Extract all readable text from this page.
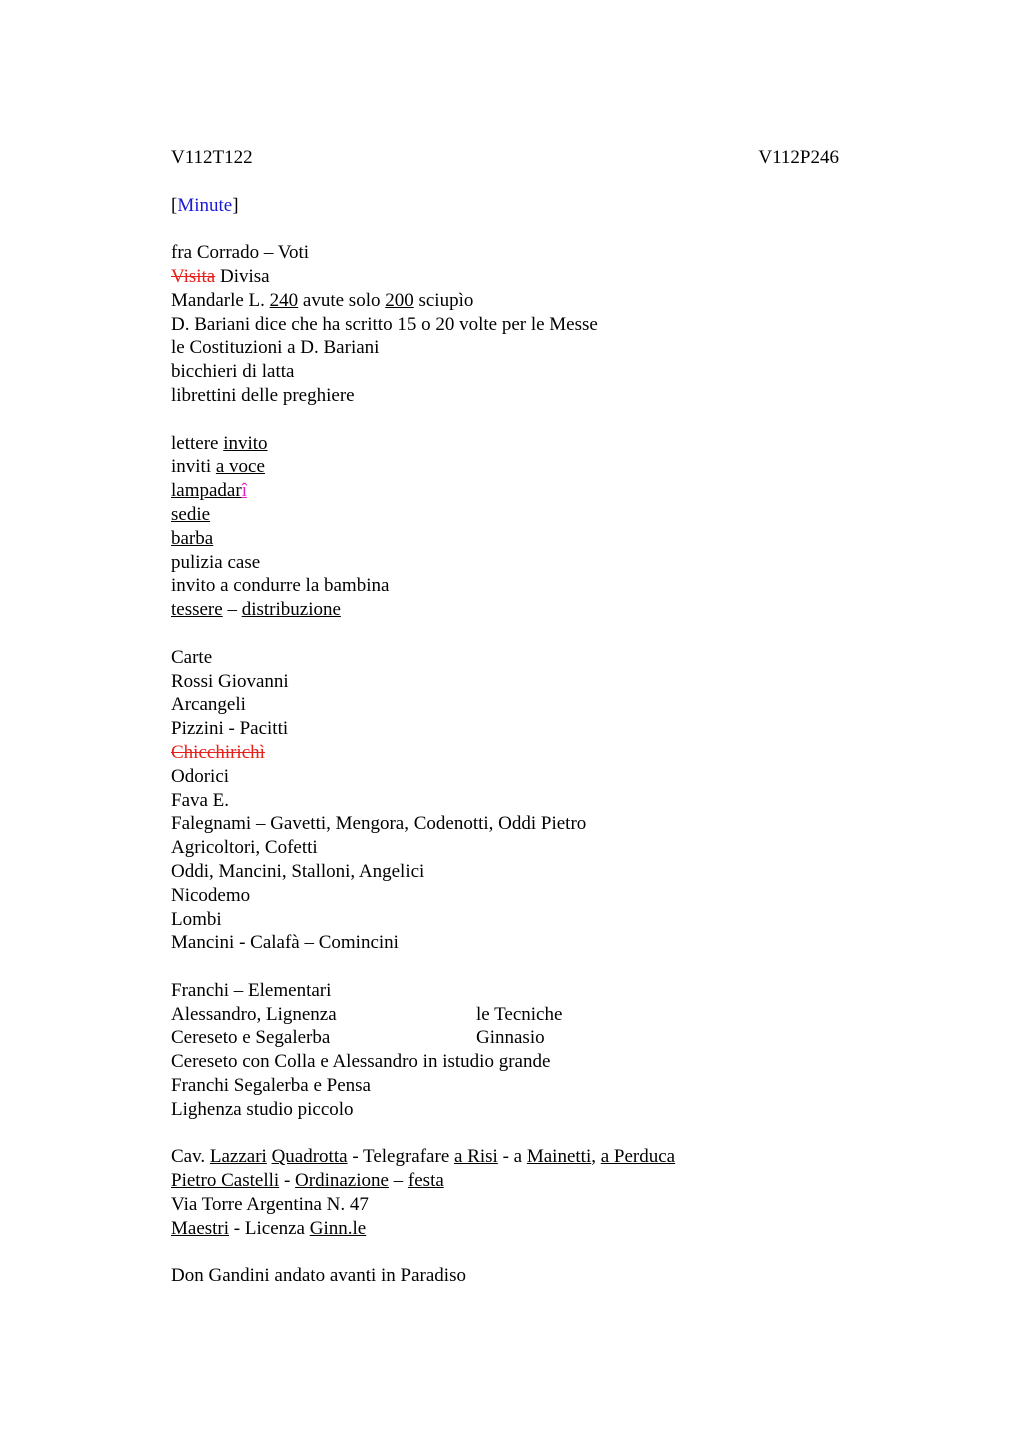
V112T122	V112P246
[Minute]
fra Corrado – Voti
Visita Divisa
Mandarle L. 240 avute solo 200 sciupìo
D. Bariani dice che ha scritto 15 o 20 volte per le Messe
le Costituzioni a D. Bariani
bicchieri di latta
librettini delle preghiere
lettere invito
inviti a voce
lampadarî
sedie
barba
pulizia case
invito a condurre la bambina
tessere – distribuzione
Carte
Rossi Giovanni
Arcangeli
Pizzini - Pacitti
Chicchirichì
Odorici
Fava E.
Falegnami – Gavetti, Mengora, Codenotti, Oddi Pietro
Agricoltori, Cofetti
Oddi, Mancini, Stalloni, Angelici
Nicodemo
Lombi
Mancini - Calafà – Comincini
Franchi – Elementari
Alessandro, Lignenza	le Tecniche
Cereseto e Segalerba	Ginnasio
Cereseto con Colla e Alessandro in istudio grande
Franchi Segalerba e Pensa
Lighenza studio piccolo
Cav. Lazzari Quadrotta - Telegrafare a Risi - a Mainetti, a Perduca
Pietro Castelli - Ordinazione – festa
Via Torre Argentina N. 47
Maestri - Licenza Ginn.le
Don Gandini andato avanti in Paradiso
